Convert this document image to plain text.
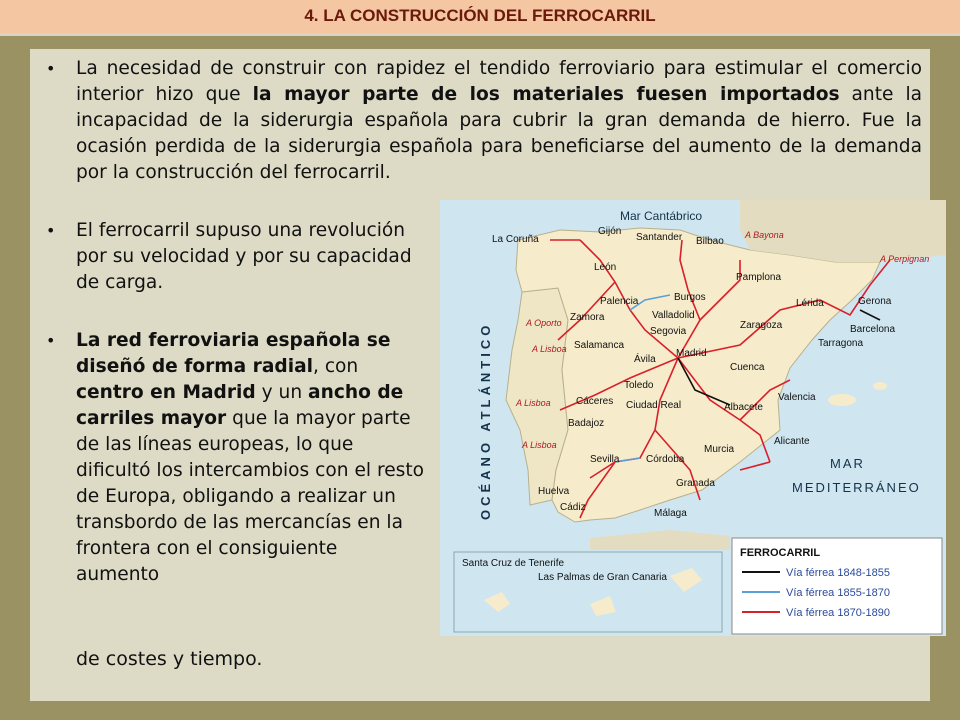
4. LA CONSTRUCCIÓN DEL FERROCARRIL
•	La necesidad de construir con rapidez el tendido ferroviario para estimular el comercio interior hizo que la mayor parte de los materiales fuesen importados ante la incapacidad de la siderurgia española para cubrir la gran demanda de hierro. Fue la ocasión perdida de la siderurgia española para beneficiarse del aumento de la demanda por la construcción del ferrocarril.
•	El ferrocarril supuso una revolución por su velocidad y por su capacidad de carga.
•	La red ferroviaria española se diseñó de forma radial, con centro en Madrid y un ancho de carriles mayor que la mayor parte de las líneas europeas, lo que dificultó los intercambios con el resto de Europa, obligando a realizar un transbordo de las mercancías en la frontera con el consiguiente aumento
de costes y tiempo.
Mar Cantábrico
MAR
MEDITERRÁNEO
OCÉANO ATLÁNTICO
La Coruña
Gijón
Santander Bilbao
León
Pamplona
Burgos
Palencia
Zamora	Valladolid
Segovia
Salamanca
Ávila
Madrid
Zaragoza
Lérida	Gerona
Barcelona
Tarragona
Cuenca
Toledo
Cáceres Ciudad Real
Valencia
Albacete
Badajoz
Murcia
Alicante
Sevilla	Córdoba
Granada
Huelva
Cádiz
Málaga
A Bayona
A Perpignan
A Oporto
A Lisboa
A Lisboa
A Lisboa
Santa Cruz de Tenerife
Las Palmas de Gran Canaria
FERROCARRIL
Vía férrea 1848-1855
Vía férrea 1855-1870
Vía férrea 1870-1890
